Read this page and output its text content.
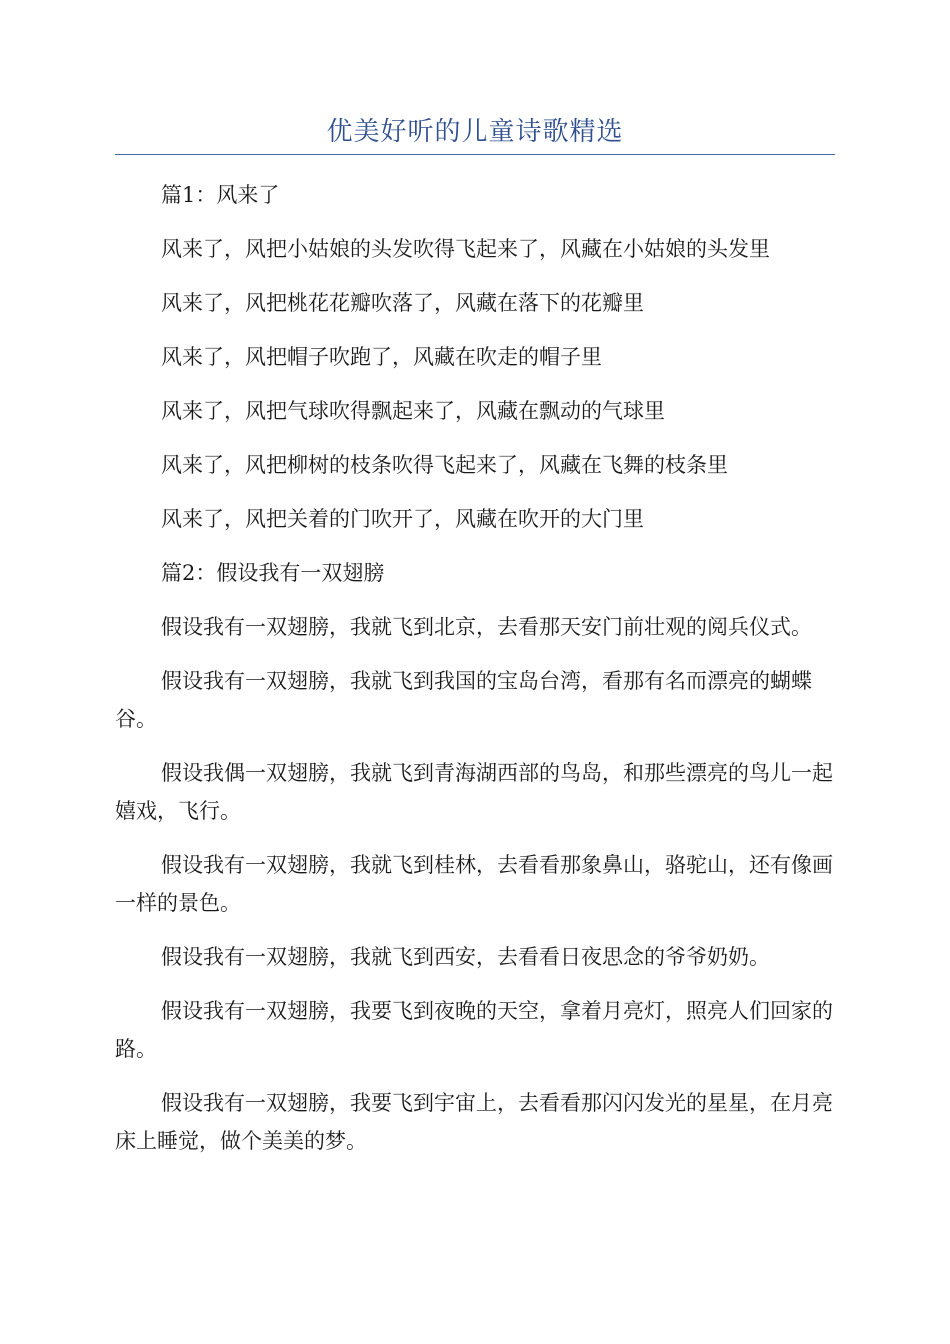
优美好听的儿童诗歌精选

篇1：风来了

风来了，风把小姑娘的头发吹得飞起来了，风藏在小姑娘的头发里

风来了，风把桃花花瓣吹落了，风藏在落下的花瓣里

风来了，风把帽子吹跑了，风藏在吹走的帽子里

风来了，风把气球吹得飘起来了，风藏在飘动的气球里

风来了，风把柳树的枝条吹得飞起来了，风藏在飞舞的枝条里

风来了，风把关着的门吹开了，风藏在吹开的大门里

篇2：假设我有一双翅膀

假设我有一双翅膀，我就飞到北京，去看那天安门前壮观的阅兵仪式。

假设我有一双翅膀，我就飞到我国的宝岛台湾，看那有名而漂亮的蝴蝶谷。

假设我偶一双翅膀，我就飞到青海湖西部的鸟岛，和那些漂亮的鸟儿一起嬉戏，飞行。

假设我有一双翅膀，我就飞到桂林，去看看那象鼻山，骆驼山，还有像画一样的景色。

假设我有一双翅膀，我就飞到西安，去看看日夜思念的爷爷奶奶。

假设我有一双翅膀，我要飞到夜晚的天空，拿着月亮灯，照亮人们回家的路。

假设我有一双翅膀，我要飞到宇宙上，去看看那闪闪发光的星星，在月亮床上睡觉，做个美美的梦。
